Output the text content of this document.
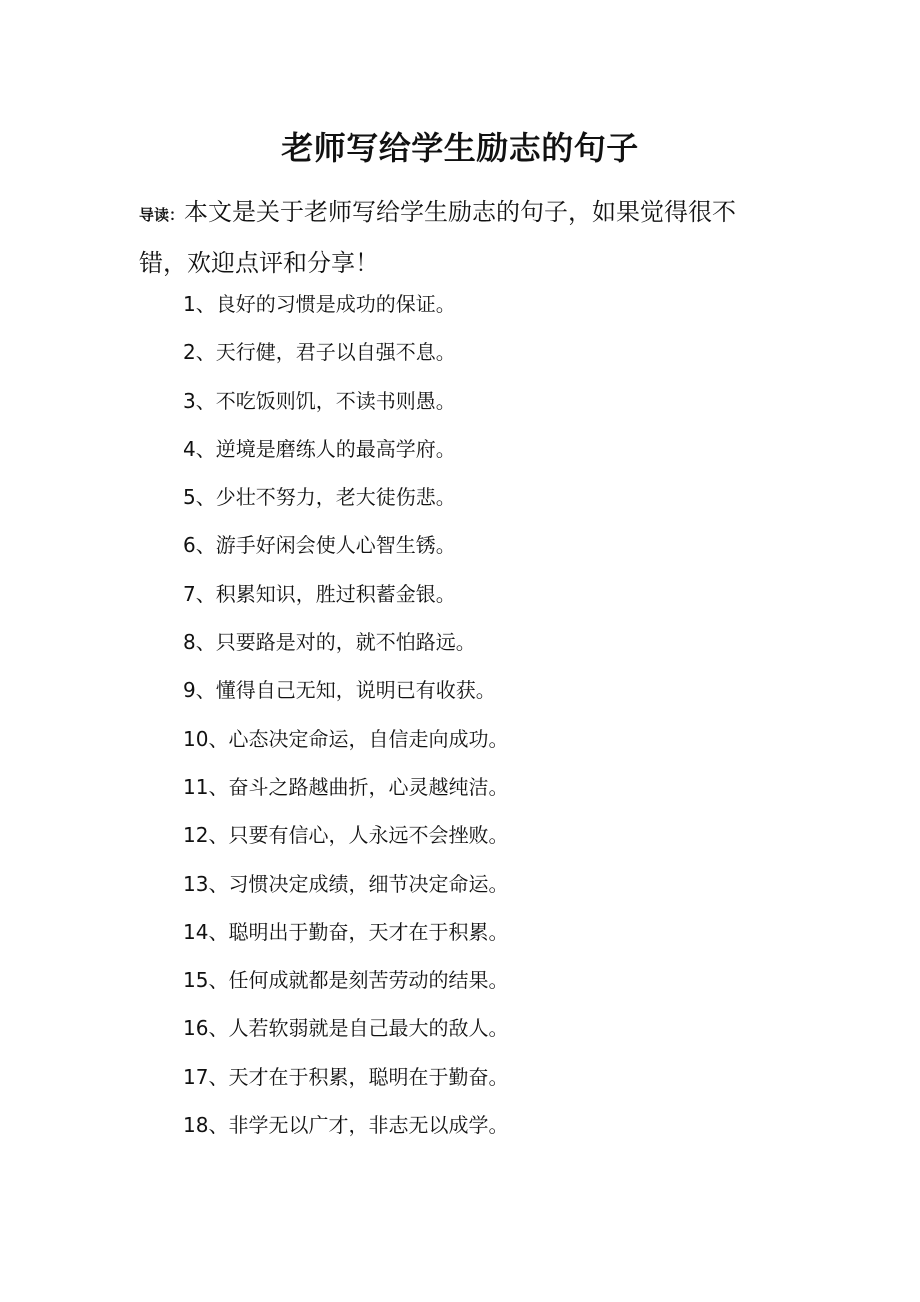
老师写给学生励志的句子
导读：本文是关于老师写给学生励志的句子，如果觉得很不错，欢迎点评和分享！
1、良好的习惯是成功的保证。
2、天行健，君子以自强不息。
3、不吃饭则饥，不读书则愚。
4、逆境是磨练人的最高学府。
5、少壮不努力，老大徒伤悲。
6、游手好闲会使人心智生锈。
7、积累知识，胜过积蓄金银。
8、只要路是对的，就不怕路远。
9、懂得自己无知，说明已有收获。
10、心态决定命运，自信走向成功。
11、奋斗之路越曲折，心灵越纯洁。
12、只要有信心，人永远不会挫败。
13、习惯决定成绩，细节决定命运。
14、聪明出于勤奋，天才在于积累。
15、任何成就都是刻苦劳动的结果。
16、人若软弱就是自己最大的敌人。
17、天才在于积累，聪明在于勤奋。
18、非学无以广才，非志无以成学。
